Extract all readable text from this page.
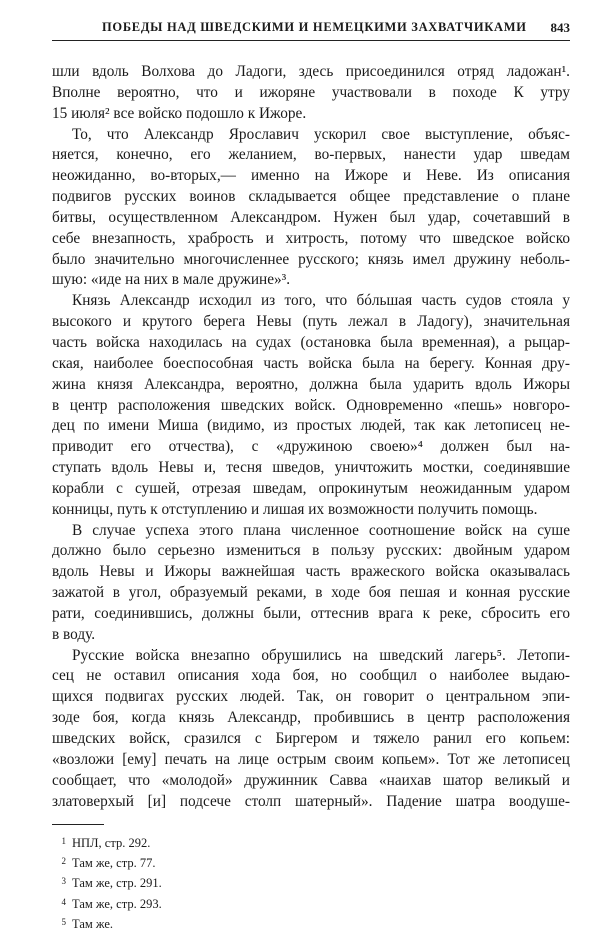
ПОБЕДЫ НАД ШВЕДСКИМИ И НЕМЕЦКИМИ ЗАХВАТЧИКАМИ 843
шли вдоль Волхова до Ладоги, здесь присоединился отряд ладожан¹.
Вполне вероятно, что и ижоряне участвовали в походе К утру
15 июля² все войско подошло к Ижоре.
То, что Александр Ярославич ускорил свое выступление, объяс-
няется, конечно, его желанием, во-первых, нанести удар шведам
неожиданно, во-вторых,— именно на Ижоре и Неве. Из описания
подвигов русских воинов складывается общее представление о плане
битвы, осуществленном Александром. Нужен был удар, сочетавший в
себе внезапность, храбрость и хитрость, потому что шведское войско
было значительно многочисленнее русского; князь имел дружину неболь-
шую: «иде на них в мале дружине»³.
Князь Александр исходил из того, что бóльшая часть судов стояла у
высокого и крутого берега Невы (путь лежал в Ладогу), значительная
часть войска находилась на судах (остановка была временная), а рыцар-
ская, наиболее боеспособная часть войска была на берегу. Конная дру-
жина князя Александра, вероятно, должна была ударить вдоль Ижоры
в центр расположения шведских войск. Одновременно «пешь» новгоро-
дец по имени Миша (видимо, из простых людей, так как летописец не-
приводит его отчества), с «дружиною своею»⁴ должен был на-
ступать вдоль Невы и, тесня шведов, уничтожить мостки, соединявшие
корабли с сушей, отрезая шведам, опрокинутым неожиданным ударом
конницы, путь к отступлению и лишая их возможности получить помощь.
В случае успеха этого плана численное соотношение войск на суше
должно было серьезно измениться в пользу русских: двойным ударом
вдоль Невы и Ижоры важнейшая часть вражеского войска оказывалась
зажатой в угол, образуемый реками, в ходе боя пешая и конная русские
рати, соединившись, должны были, оттеснив врага к реке, сбросить его
в воду.
Русские войска внезапно обрушились на шведский лагерь⁵. Летопи-
сец не оставил описания хода боя, но сообщил о наиболее выдаю-
щихся подвигах русских людей. Так, он говорит о центральном эпи-
зоде боя, когда князь Александр, пробившись в центр расположения
шведских войск, сразился с Биргером и тяжело ранил его копьем:
«возложи [ему] печать на лице острым своим копьем». Тот же летописец
сообщает, что «молодой» дружинник Савва «наихав шатор великый и
златоверхый [и] подсече столп шатерный». Падение шатра воодуше-
1 НПЛ, стр. 292.
2 Там же, стр. 77.
3 Там же, стр. 291.
4 Там же, стр. 293.
5 Там же.
